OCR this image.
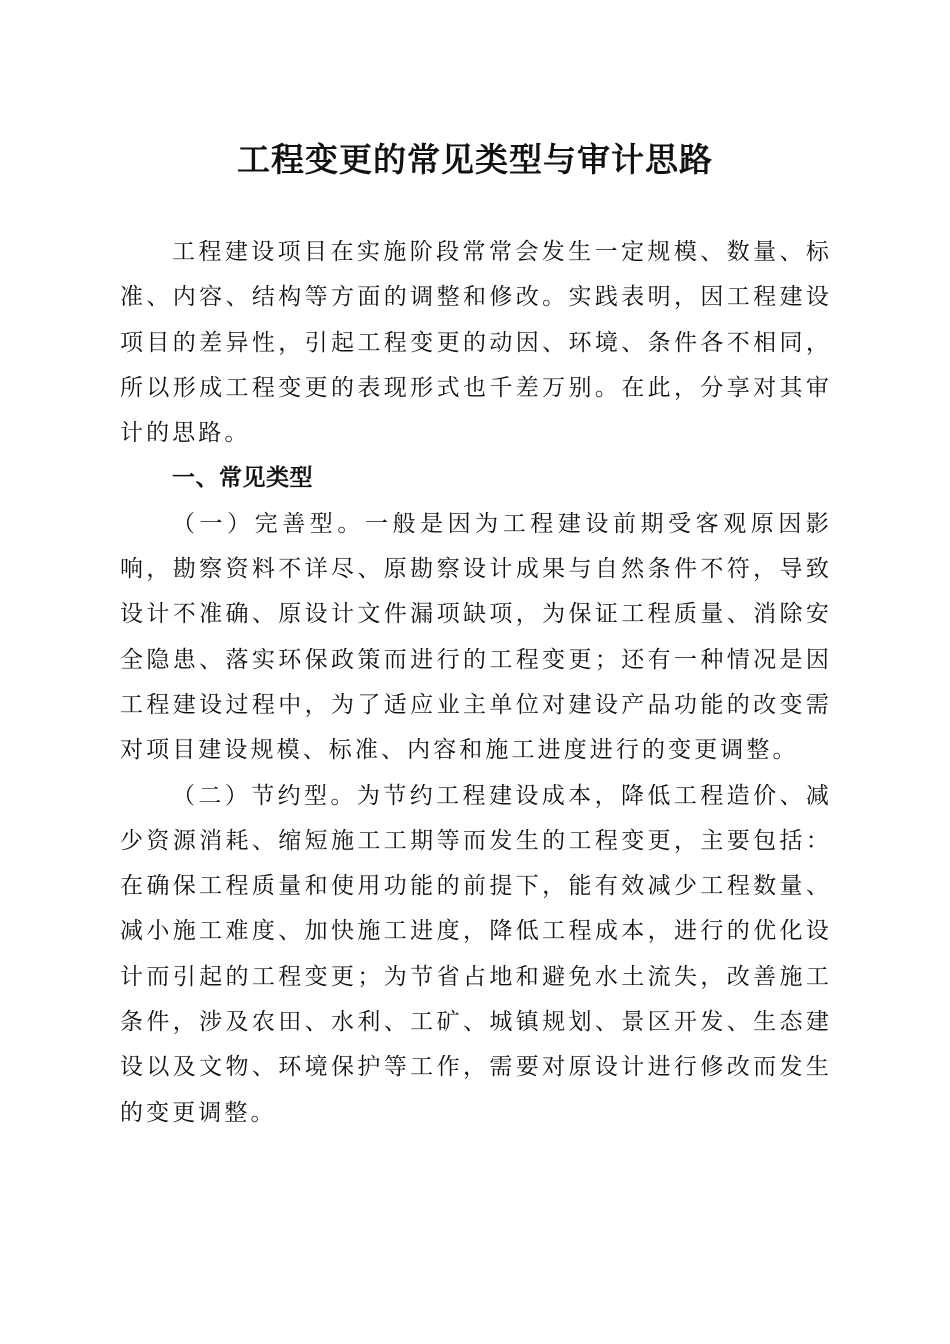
工程变更的常见类型与审计思路

工程建设项目在实施阶段常常会发生一定规模、数量、标准、内容、结构等方面的调整和修改。实践表明，因工程建设项目的差异性，引起工程变更的动因、环境、条件各不相同，所以形成工程变更的表现形式也千差万别。在此，分享对其审计的思路。

一、常见类型

（一）完善型。一般是因为工程建设前期受客观原因影响，勘察资料不详尽、原勘察设计成果与自然条件不符，导致设计不准确、原设计文件漏项缺项，为保证工程质量、消除安全隐患、落实环保政策而进行的工程变更；还有一种情况是因工程建设过程中，为了适应业主单位对建设产品功能的改变需对项目建设规模、标准、内容和施工进度进行的变更调整。

（二）节约型。为节约工程建设成本，降低工程造价、减少资源消耗、缩短施工工期等而发生的工程变更，主要包括：在确保工程质量和使用功能的前提下，能有效减少工程数量、减小施工难度、加快施工进度，降低工程成本，进行的优化设计而引起的工程变更；为节省占地和避免水土流失，改善施工条件，涉及农田、水利、工矿、城镇规划、景区开发、生态建设以及文物、环境保护等工作，需要对原设计进行修改而发生的变更调整。
